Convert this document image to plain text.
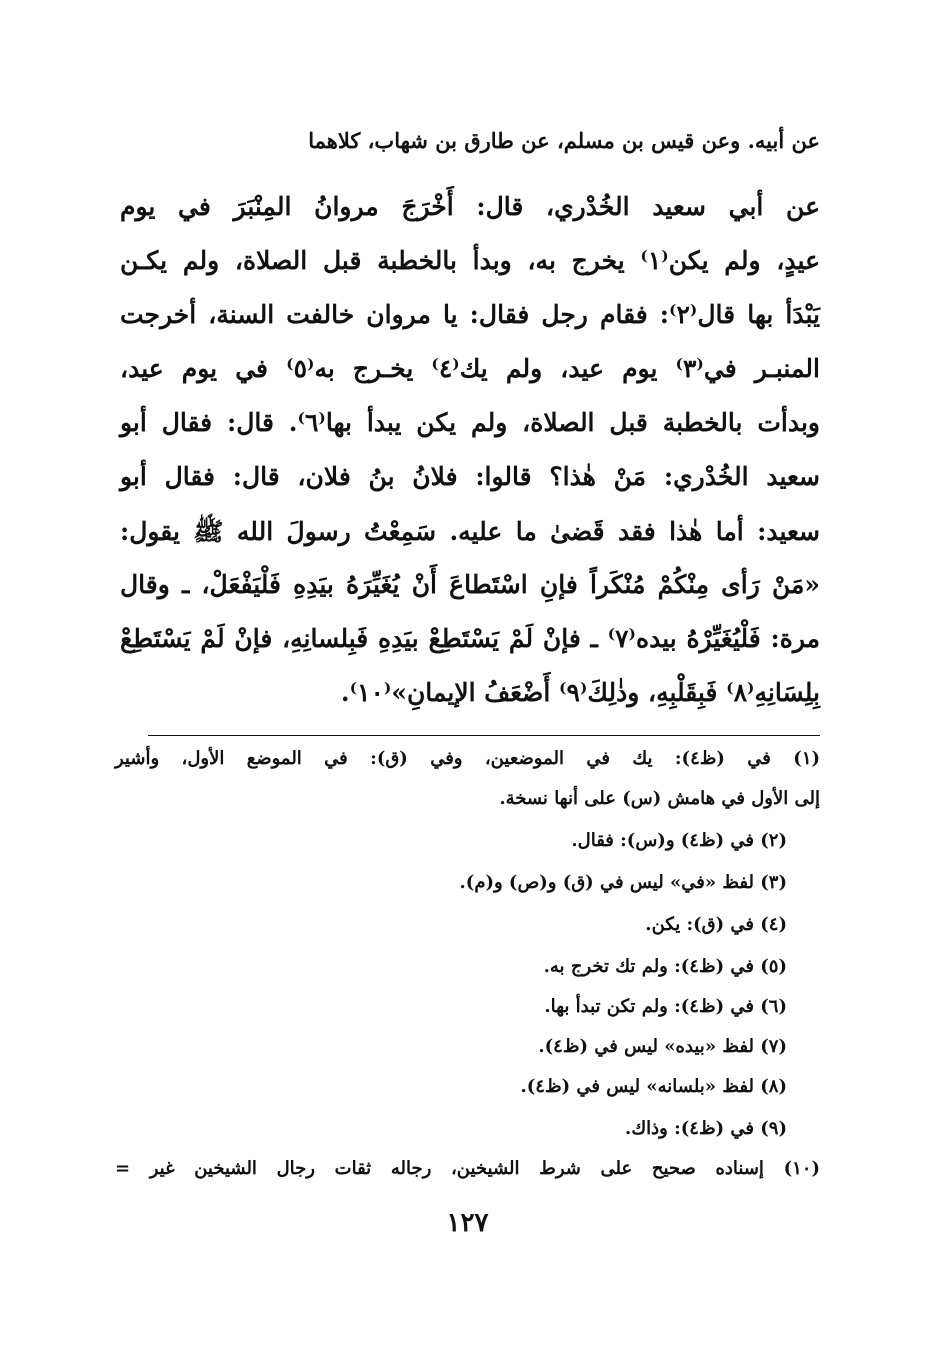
عن أبيه. وعن قيس بن مسلم، عن طارق بن شهاب، كلاهما
عن أبي سعيد الخُدْري، قال: أَخْرَجَ مروانُ المِنْبَرَ في يوم
عيدٍ، ولم يكن⁽١⁾ يخرج به، وبدأ بالخطبة قبل الصلاة، ولم يكـن
يَبْدَأ بها قال⁽٢⁾: فقام رجل فقال: يا مروان خالفت السنة، أخرجت
المنبـر في⁽٣⁾ يوم عيد، ولم يك⁽٤⁾ يخـرج به⁽٥⁾ في يوم عيد،
وبدأت بالخطبة قبل الصلاة، ولم يكن يبدأ بها⁽٦⁾. قال: فقال أبو
سعيد الخُدْري: مَنْ هٰذا؟ قالوا: فلانُ بنُ فلان، قال: فقال أبو
سعيد: أما هٰذا فقد قَضىٰ ما عليه. سَمِعْتُ رسولَ الله ﷺ يقول:
«مَنْ رَأى مِنْكُمْ مُنْكَراً فإنِ اسْتَطاعَ أَنْ يُغَيِّرَهُ بيَدِهِ فَلْيَفْعَلْ، ـ وقال
مرة: فَلْيُغَيِّرْهُ بيده⁽٧⁾ ـ فإنْ لَمْ يَسْتَطِعْ بيَدِهِ فَبِلسانِهِ، فإنْ لَمْ يَسْتَطِعْ
بِلِسَانِهِ⁽٨⁾ فَبِقَلْبِهِ، وذٰلِكَ⁽٩⁾ أَضْعَفُ الإيمانِ»⁽١٠⁾.
(١) في (ظ٤): يك في الموضعين، وفي (ق): في الموضع الأول، وأشير
إلى الأول في هامش (س) على أنها نسخة.
(٢) في (ظ٤) و(س): فقال.
(٣) لفظ «في» ليس في (ق) و(ص) و(م).
(٤) في (ق): يكن.
(٥) في (ظ٤): ولم تك تخرج به.
(٦) في (ظ٤): ولم تكن تبدأ بها.
(٧) لفظ «بيده» ليس في (ظ٤).
(٨) لفظ «بلسانه» ليس في (ظ٤).
(٩) في (ظ٤): وذاك.
(١٠) إسناده صحيح على شرط الشيخين، رجاله ثقات رجال الشيخين غير =
١٢٧
